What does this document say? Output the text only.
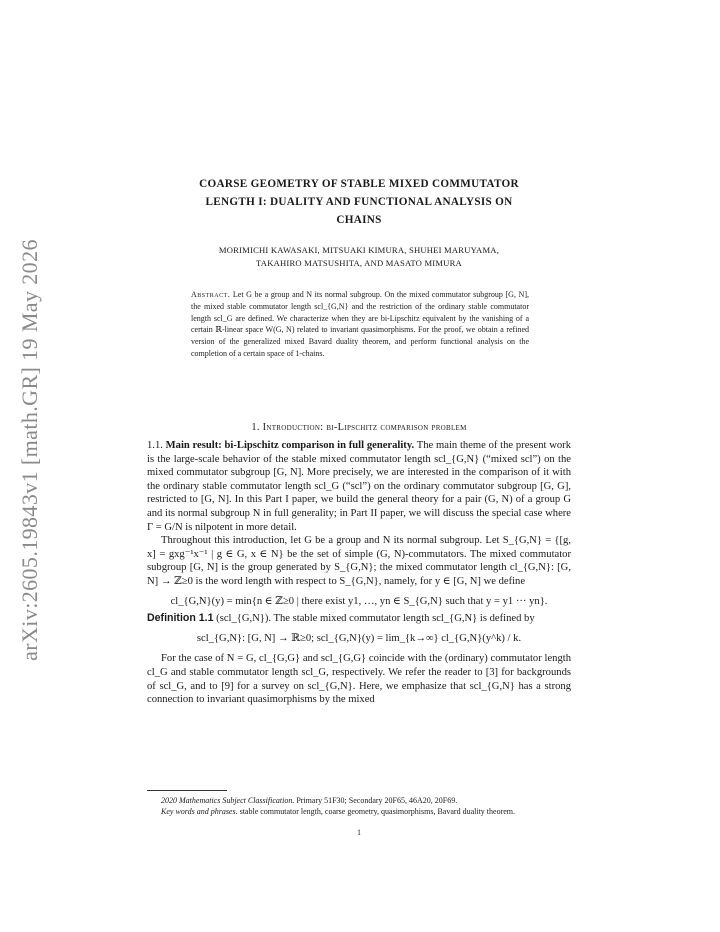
arXiv:2605.19843v1 [math.GR] 19 May 2026
COARSE GEOMETRY OF STABLE MIXED COMMUTATOR
LENGTH I: DUALITY AND FUNCTIONAL ANALYSIS ON
CHAINS
MORIMICHI KAWASAKI, MITSUAKI KIMURA, SHUHEI MARUYAMA,
TAKAHIRO MATSUSHITA, AND MASATO MIMURA
Abstract. Let G be a group and N its normal subgroup. On the mixed commutator subgroup [G, N], the mixed stable commutator length scl_{G,N} and the restriction of the ordinary stable commutator length scl_G are defined. We characterize when they are bi-Lipschitz equivalent by the vanishing of a certain ℝ-linear space W(G, N) related to invariant quasimorphisms. For the proof, we obtain a refined version of the generalized mixed Bavard duality theorem, and perform functional analysis on the completion of a certain space of 1-chains.
1. Introduction: bi-Lipschitz comparison problem

1.1. Main result: bi-Lipschitz comparison in full generality. The main theme of the present work is the large-scale behavior of the stable mixed commutator length scl_{G,N} (“mixed scl”) on the mixed commutator subgroup [G, N]. More precisely, we are interested in the comparison of it with the ordinary stable commutator length scl_G (“scl”) on the ordinary commutator subgroup [G, G], restricted to [G, N]. In this Part I paper, we build the general theory for a pair (G, N) of a group G and its normal subgroup N in full generality; in Part II paper, we will discuss the special case where Γ = G/N is nilpotent in more detail.

Throughout this introduction, let G be a group and N its normal subgroup. Let S_{G,N} = {[g, x] = gxg⁻¹x⁻¹ | g ∈ G, x ∈ N} be the set of simple (G, N)-commutators. The mixed commutator subgroup [G, N] is the group generated by S_{G,N}; the mixed commutator length cl_{G,N}: [G, N] → ℤ≥0 is the word length with respect to S_{G,N}, namely, for y ∈ [G, N] we define

cl_{G,N}(y) = min{n ∈ ℤ≥0 | there exist y1, …, yn ∈ S_{G,N} such that y = y1 ··· yn}.

Definition 1.1 (scl_{G,N}). The stable mixed commutator length scl_{G,N} is defined by

scl_{G,N}: [G, N] → ℝ≥0; scl_{G,N}(y) = lim_{k→∞} cl_{G,N}(y^k) / k.

For the case of N = G, cl_{G,G} and scl_{G,G} coincide with the (ordinary) commutator length cl_G and stable commutator length scl_G, respectively. We refer the reader to [3] for backgrounds of scl_G, and to [9] for a survey on scl_{G,N}. Here, we emphasize that scl_{G,N} has a strong connection to invariant quasimorphisms by the mixed

2020 Mathematics Subject Classification. Primary 51F30; Secondary 20F65, 46A20, 20F69.

Key words and phrases. stable commutator length, coarse geometry, quasimorphisms, Bavard duality theorem.

1
